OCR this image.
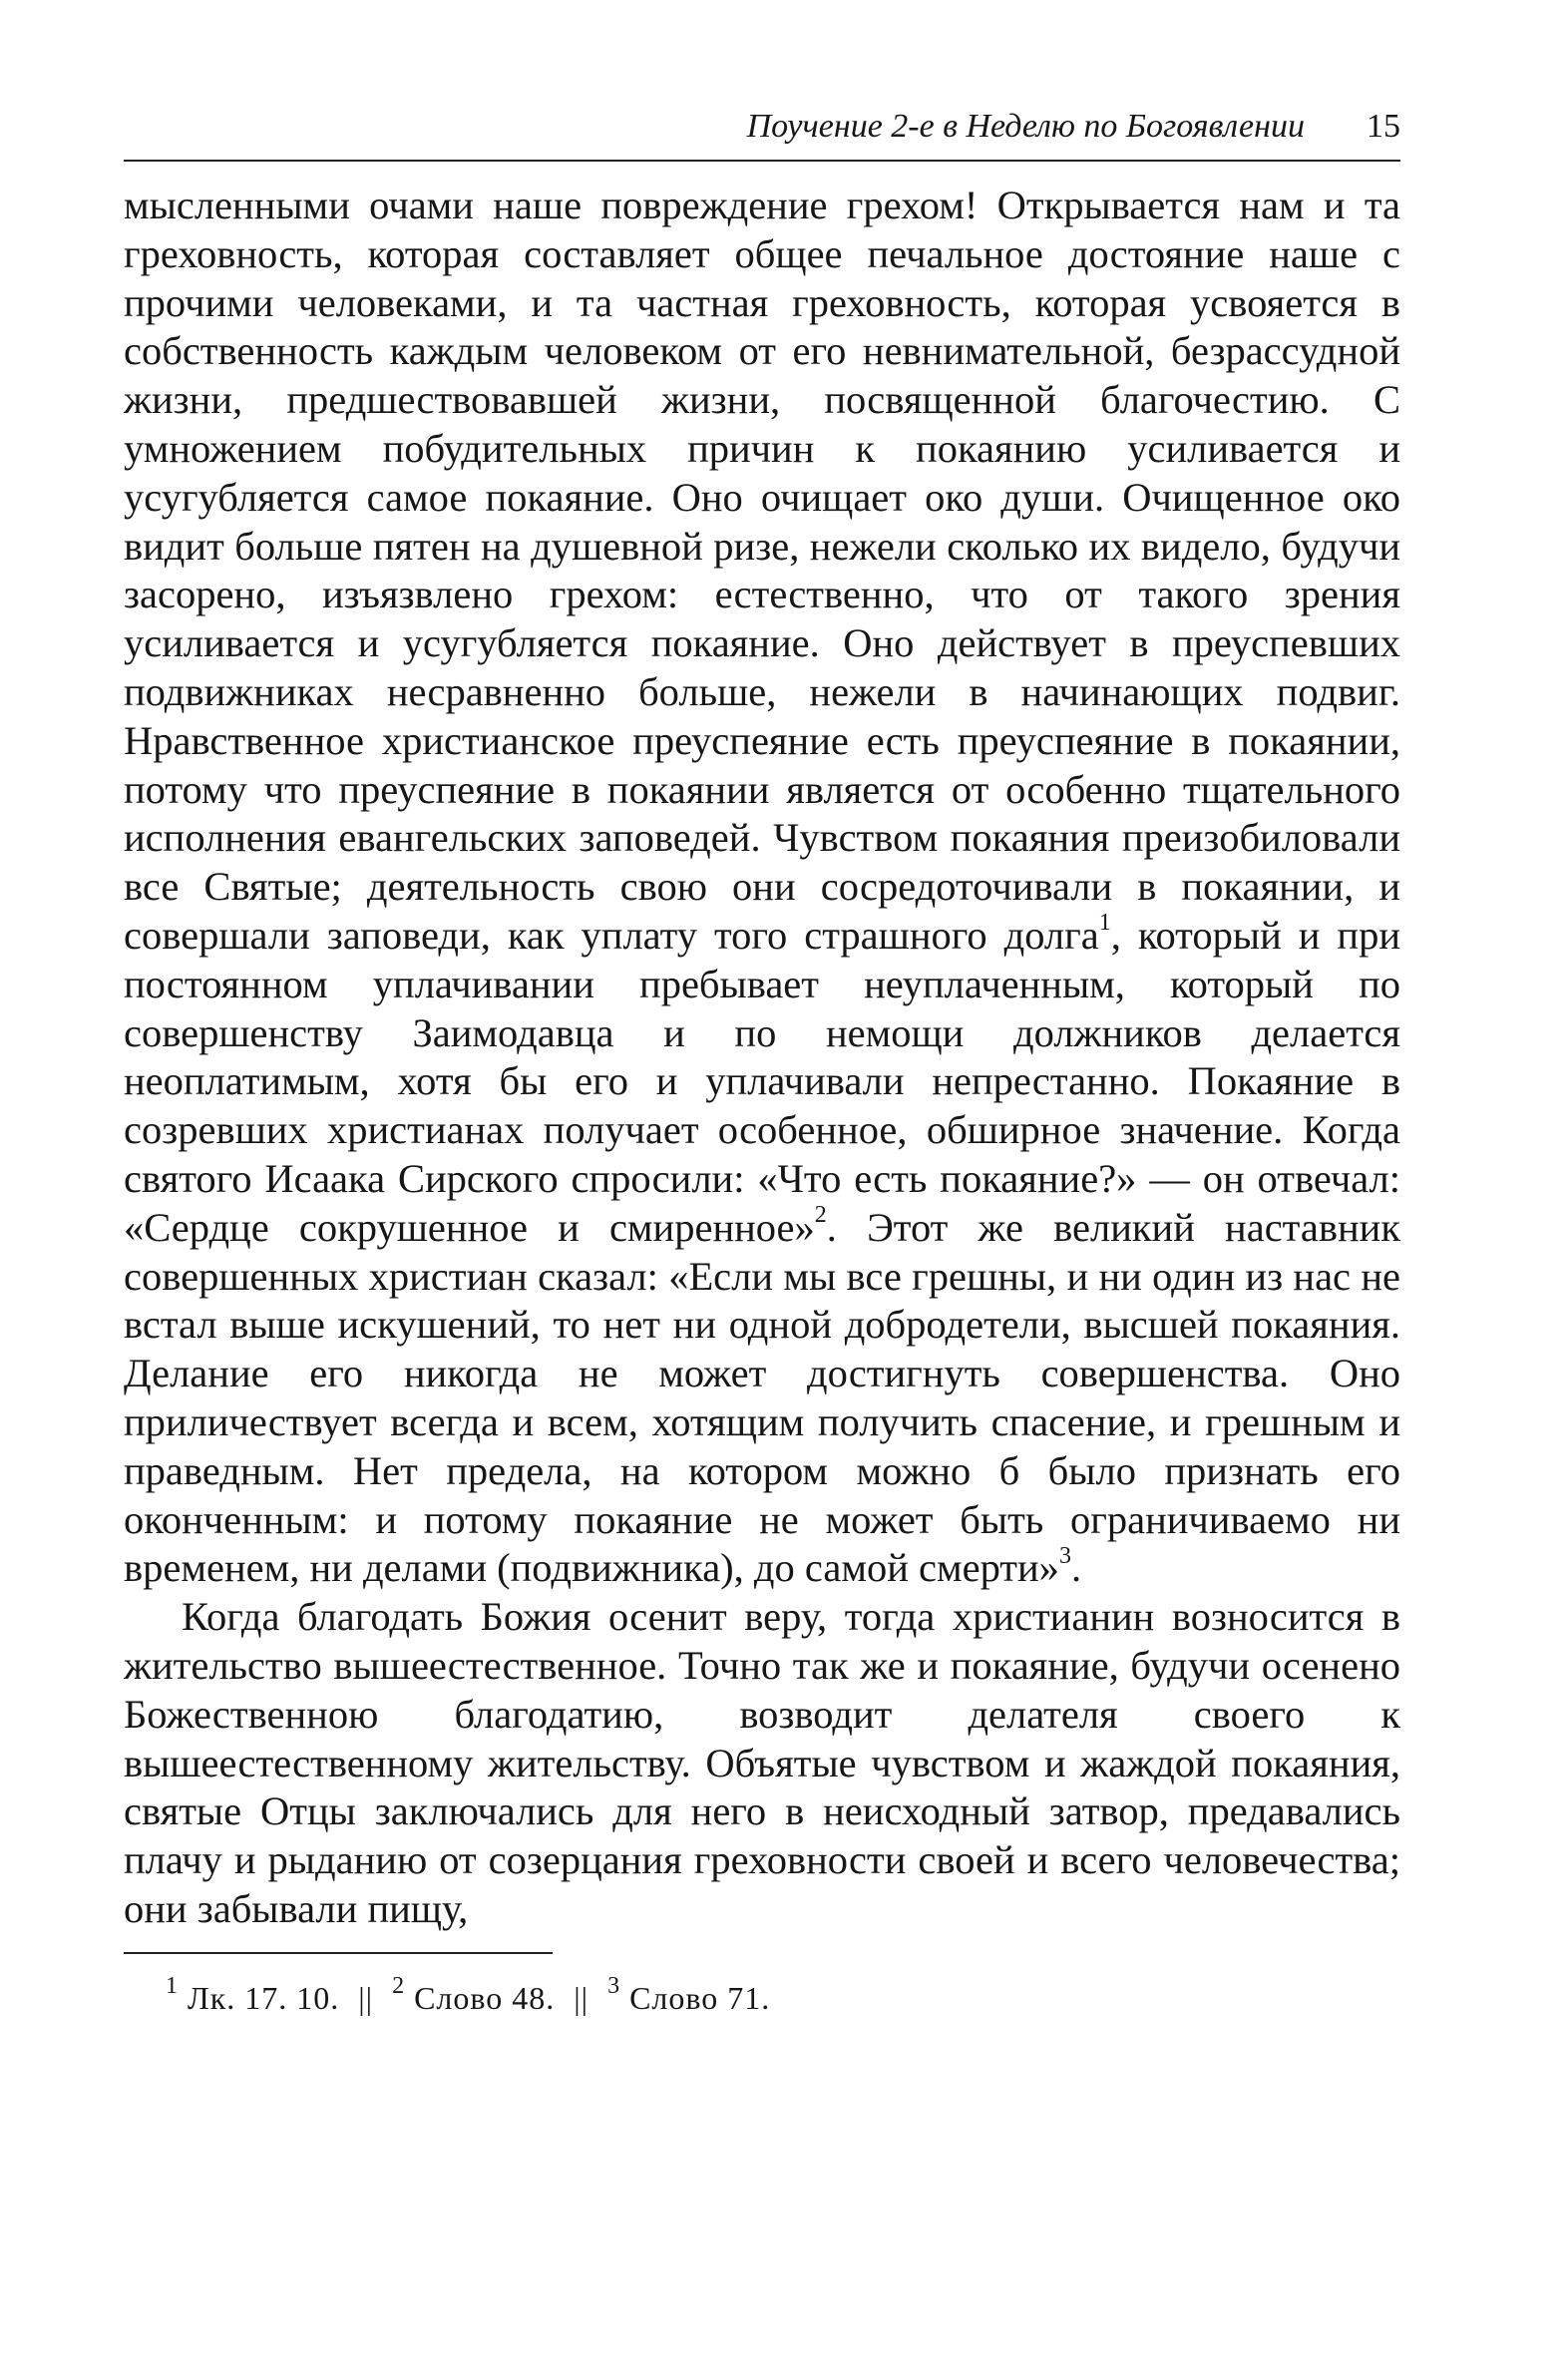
Поучение 2-е в Неделю по Богоявлении 15

мысленными очами наше повреждение грехом! Открывается нам и та греховность, которая составляет общее печальное достояние наше с прочими человеками, и та частная греховность, которая усвояется в собственность каждым человеком от его невнимательной, безрассудной жизни, предшествовавшей жизни, посвященной благочестию. С умножением побудительных причин к покаянию усиливается и усугубляется самое покаяние. Оно очищает око души. Очищенное око видит больше пятен на душевной ризе, нежели сколько их видело, будучи засорено, изъязвлено грехом: естественно, что от такого зрения усиливается и усугубляется покаяние. Оно действует в преуспевших подвижниках несравненно больше, нежели в начинающих подвиг. Нравственное христианское преуспеяние есть преуспеяние в покаянии, потому что преуспеяние в покаянии является от особенно тщательного исполнения евангельских заповедей. Чувством покаяния преизобиловали все Святые; деятельность свою они сосредоточивали в покаянии, и совершали заповеди, как уплату того страшного долга$^1$, который и при постоянном уплачивании пребывает неуплаченным, который по совершенству Заимодавца и по немощи должников делается неоплатимым, хотя бы его и уплачивали непрестанно. Покаяние в созревших христианах получает особенное, обширное значение. Когда святого Исаака Сирского спросили: «Что есть покаяние?» — он отвечал: «Сердце сокрушенное и смиренное»$^2$. Этот же великий наставник совершенных христиан сказал: «Если мы все грешны, и ни один из нас не встал выше искушений, то нет ни одной добродетели, высшей покаяния. Делание его никогда не может достигнуть совершенства. Оно приличествует всегда и всем, хотящим получить спасение, и грешным и праведным. Нет предела, на котором можно б было признать его оконченным: и потому покаяние не может быть ограничиваемо ни временем, ни делами (подвижника), до самой смерти»$^3$.

Когда благодать Божия осенит веру, тогда христианин возносится в жительство вышеестественное. Точно так же и покаяние, будучи осенено Божественною благодатию, возводит делателя своего к вышеестественному жительству. Объятые чувством и жаждой покаяния, святые Отцы заключались для него в неисходный затвор, предавались плачу и рыданию от созерцания греховности своей и всего человечества; они забывали пищу,

$^1$ Лк. 17. 10. || $^2$ Слово 48. || $^3$ Слово 71.
